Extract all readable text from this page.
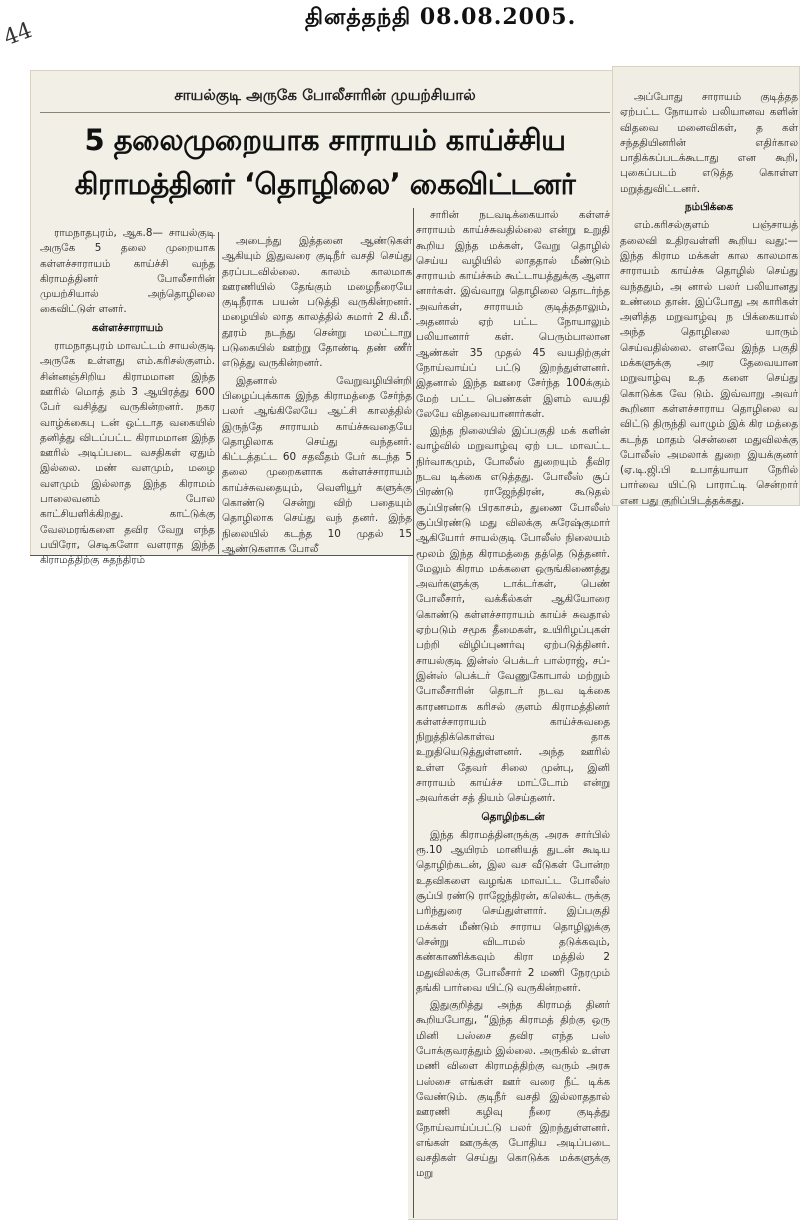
தினத்தந்தி 08.08.2005.
44
சாயல்குடி அருகே போலீசாரின் முயற்சியால்
5 தலைமுறையாக சாராயம் காய்ச்சிய
கிராமத்தினர் ‘தொழிலை’ கைவிட்டனர்

ராமநாதபுரம், ஆக.8— சாயல்குடி அருகே 5 தலை முறையாக கள்ளச்சாராயம் காய்ச்சி வந்த கிராமத்தினர் போலீசாரின் முயற்சியால் அந்தொழிலை கைவிட்டுள் ளனர்.

கள்ளச்சாராயம்

ராமநாதபுரம் மாவட்டம் சாயல்குடி அருகே உள்ளது எம்.கரிசல்குளம். சின்னஞ்சிறிய கிராமமான இந்த ஊரில் மொத் தம் 3 ஆயிரத்து 600 பேர் வசித்து வருகின்றனர். நகர வாழ்க்கைபு டன் ஒட்டாத வகையில் தனித்து விடப்பட்ட கிராமமான இந்த ஊரில் அடிப்படை வசதிகள் ஏதும் இல்லை. மண் வளமும், மழை வளமும் இல்லாத இந்த கிராமம் பாலைவனம் போல காட்சியளிக்கிறது. காட்டுக்கு வேலமரங்களை தவிர வேறு எந்த பயிரோ, செடிகளோ வளராத இந்த கிராமத்திற்கு சுதந்திரம்

அடைந்து இத்தனை ஆண்டுகள் ஆகியும் இதுவரை குடிநீர் வசதி செய்து தரப்படவில்லை. காலம் காலமாக ஊரணியில் தேங்கும் மழைநீரையே குடிநீராக பயன் படுத்தி வருகின்றனர். மழையில் லாத காலத்தில் சுமார் 2 கி.மீ. தூரம் நடந்து சென்று மலட்டாறு படுகையில் ஊற்று தோண்டி தண் ணீர் எடுத்து வருகின்றனர்.

இதனால் வேறுவழியின்றி பிழைப்புக்காக இந்த கிராமத்தை சேர்ந்த பலர் ஆங்கிலேயே ஆட்சி காலத்தில் இருந்தே சாராயம் காய்ச்சுவதையே தொழிலாக செய்து வந்தனர். கிட்டத்தட்ட 60 சதவீதம் பேர் கடந்த 5 தலை முறைகளாக கள்ளச்சாராயம் காய்ச்சுவதையும், வெளியூர் களுக்கு கொண்டு சென்று விற் பதையும் தொழிலாக செய்து வந் தனர். இந்த நிலையில் கடந்த 10 முதல் 15 ஆண்டுகளாக போலீ

சாரின் நடவடிக்கையால் கள்ளச் சாராயம் காய்ச்சுவதில்லை என்று உறுதி கூறிய இந்த மக்கள், வேறு தொழில் செய்ய வழியில் லாததால் மீண்டும் சாராயம் காய்ச்சும் கூட்டாயத்துக்கு ஆளா னார்கள். இவ்வாறு தொழிலை தொடர்ந்த அவர்கள், சாராயம் குடித்ததாலும், அதனால் ஏற் பட்ட நோயாலும் பலியானார் கள். பெரும்பாலான ஆண்கள் 35 முதல் 45 வயதிற்குள் நோய்வாய்ப் பட்டு இறந்துள்ளனர். இதனால் இந்த ஊரை சேர்ந்த 100க்கும் மேற் பட்ட பெண்கள் இளம் வயதி லேயே விதவையானார்கள்.

இந்த நிலையில் இப்பகுதி மக் களின் வாழ்வில் மறுவாழ்வு ஏற் பட மாவட்ட நிர்வாகமும், போலீஸ் துறையும் தீவிர நடவ டிக்கை எடுத்தது. போலீஸ் சூப் பிரண்டு ராஜேந்திரன், கூடுதல் சூப்பிரண்டு பிரகாசம், துணை போலீஸ் சூப்பிரண்டு மது விலக்கு சுரேஷ்குமார் ஆகியோர் சாயல்குடி போலீஸ் நிலையம் மூலம் இந்த கிராமத்தை தத்தெ டுத்தனர். மேலும் கிராம மக்களை ஒருங்கிணைத்து அவர்களுக்கு டாக்டர்கள், பெண் போலீசார், வக்கீல்கள் ஆகியோரை கொண்டு கள்ளச்சாராயம் காய்ச் சுவதால் ஏற்படும் சமூக தீமைகள், உயிரிழப்புகள் பற்றி விழிப்புணர்வு ஏற்படுத்தினர். சாயல்குடி இன்ஸ் பெக்டர் பால்ராஜ், சப்-இன்ஸ் பெக்டர் வேணுகோபால் மற்றும் போலீசாரின் தொடர் நடவ டிக்கை காரணமாக கரிசல் குளம் கிராமத்தினர் கள்ளச்சாராயம் காய்ச்சுவதை நிறுத்திக்கொள்வ தாக உறுதியெடுத்துள்ளனர். அந்த ஊரில் உள்ள தேவர் சிலை முன்பு, இனி சாராயம் காய்ச்ச மாட்டோம் என்று அவர்கள் சத் தியம் செய்தனர்.

தொழிற்கடன்

இந்த கிராமத்தினருக்கு அரசு சார்பில் ரூ.10 ஆயிரம் மானியத் துடன் கூடிய தொழிற்கடன், இல வச வீடுகள் போன்ற உதவிகளை வழங்க மாவட்ட போலீஸ் சூப்பி ரண்டு ராஜேந்திரன், கலெக்ட ருக்கு பரிந்துரை செய்துள்ளார். இப்பகுதி மக்கள் மீண்டும் சாராய தொழிலுக்கு சென்று விடாமல் தடுக்கவும், கண்காணிக்கவும் கிரா மத்தில் 2 மதுவிலக்கு போலீசார் 2 மணி நேரமும் தங்கி பார்வை யிட்டு வருகின்றனர்.

இதுகுறித்து அந்த கிராமத் தினர் கூறியபோது, “இந்த கிராமத் திற்கு ஒரு மினி பஸ்சை தவிர எந்த பஸ் போக்குவரத்தும் இல்லை. அருகில் உள்ள மணி விளை கிராமத்திற்கு வரும் அரசு பஸ்சை எங்கள் ஊர் வரை நீட் டிக்க வேண்டும். குடிநீர் வசதி இல்லாததால் ஊரணி கழிவு நீரை குடித்து நோய்வாய்ப்பட்டு பலர் இறந்துள்ளனர். எங்கள் ஊருக்கு போதிய அடிப்படை வசதிகள் செய்து கொடுக்க மக்களுக்கு மறு

அப்போது சாராயம் குடித்தத ஏற்பட்ட நோயால் பலியானவ களின் விதவை மனைவிகள், த கள் சந்ததியினரின் எதிர்கால பாதிக்கப்படக்கூடாது என கூறி, புகைப்படம் எடுத்த கொள்ள மறுத்துவிட்டனர்.

நம்பிக்கை

எம்.கரிசல்குளம் பஞ்சாயத் தலைவி உதிரவள்ளி கூறிய வது:— இந்த கிராம மக்கள் கால காலமாக சாராயம் காய்ச்சு தொழில் செய்து வந்ததும், அ னால் பலர் பலியானது உண்மை தான். இப்போது அ காரிகள் அளித்த மறுவாழ்வு ந பிக்கையால் அந்த தொழிலை யாரும் செய்வதில்லை. எனவே இந்த பகுதி மக்களுக்கு அர தேவையான மறுவாழ்வு உத களை செய்து கொடுக்க வே டும். இவ்வாறு அவர் கூறினா கள்ளச்சாராய தொழிலை வ விட்டு திருந்தி வாழும் இக் கிர மத்தை கடந்த மாதம் சென்னை மதுவிலக்கு போலீஸ் அமலாக் துறை இயக்குனர் (ஏ.டி.ஜி.பி உபாத்யாயா நேரில் பார்வை யிட்டு பாராட்டி சென்றார் என பது குறிப்பிடத்தக்கது.
